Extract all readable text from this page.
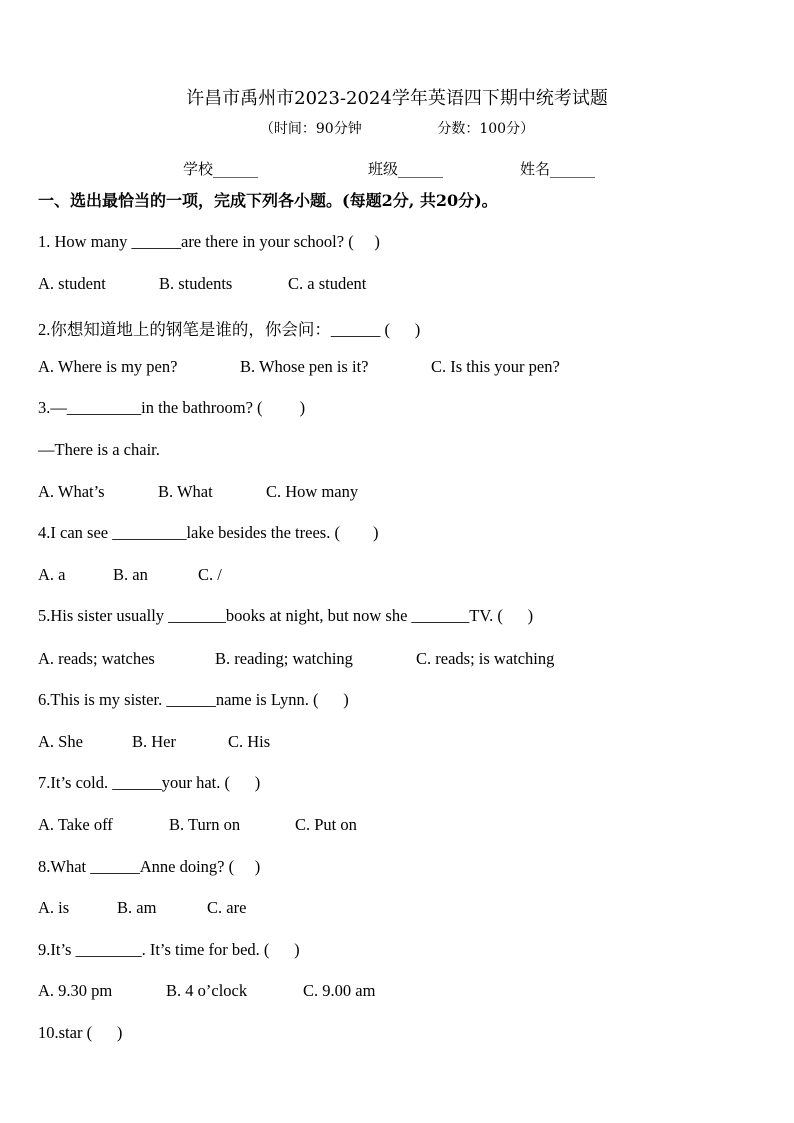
许昌市禹州市2023-2024学年英语四下期中统考试题
（时间：90分钟                 分数：100分）
学校______	班级______	姓名______
一、选出最恰当的一项，完成下列各小题。(每题2分, 共20分)。
1. How many ______are there in your school? (     )
A. student	B. students	C. a student
2.你想知道地上的钢笔是谁的，你会问：______ (      )
A. Where is my pen?	B. Whose pen is it?	C. Is this your pen?
3.—_________in the bathroom? (         )
—There is a chair.
A. What’s	B. What	C. How many
4.I can see _________lake besides the trees. (        )
A. a	B. an	C. /
5.His sister usually _______books at night, but now she _______TV. (      )
A. reads; watches	B. reading; watching	C. reads; is watching
6.This is my sister. ______name is Lynn. (      )
A. She	B. Her	C. His
7.It’s cold. ______your hat. (      )
A. Take off	B. Turn on	C. Put on
8.What ______Anne doing? (     )
A. is	B. am	C. are
9.It’s ________. It’s time for bed. (      )
A. 9.30 pm	B. 4 o’clock	C. 9.00 am
10.star (      )
